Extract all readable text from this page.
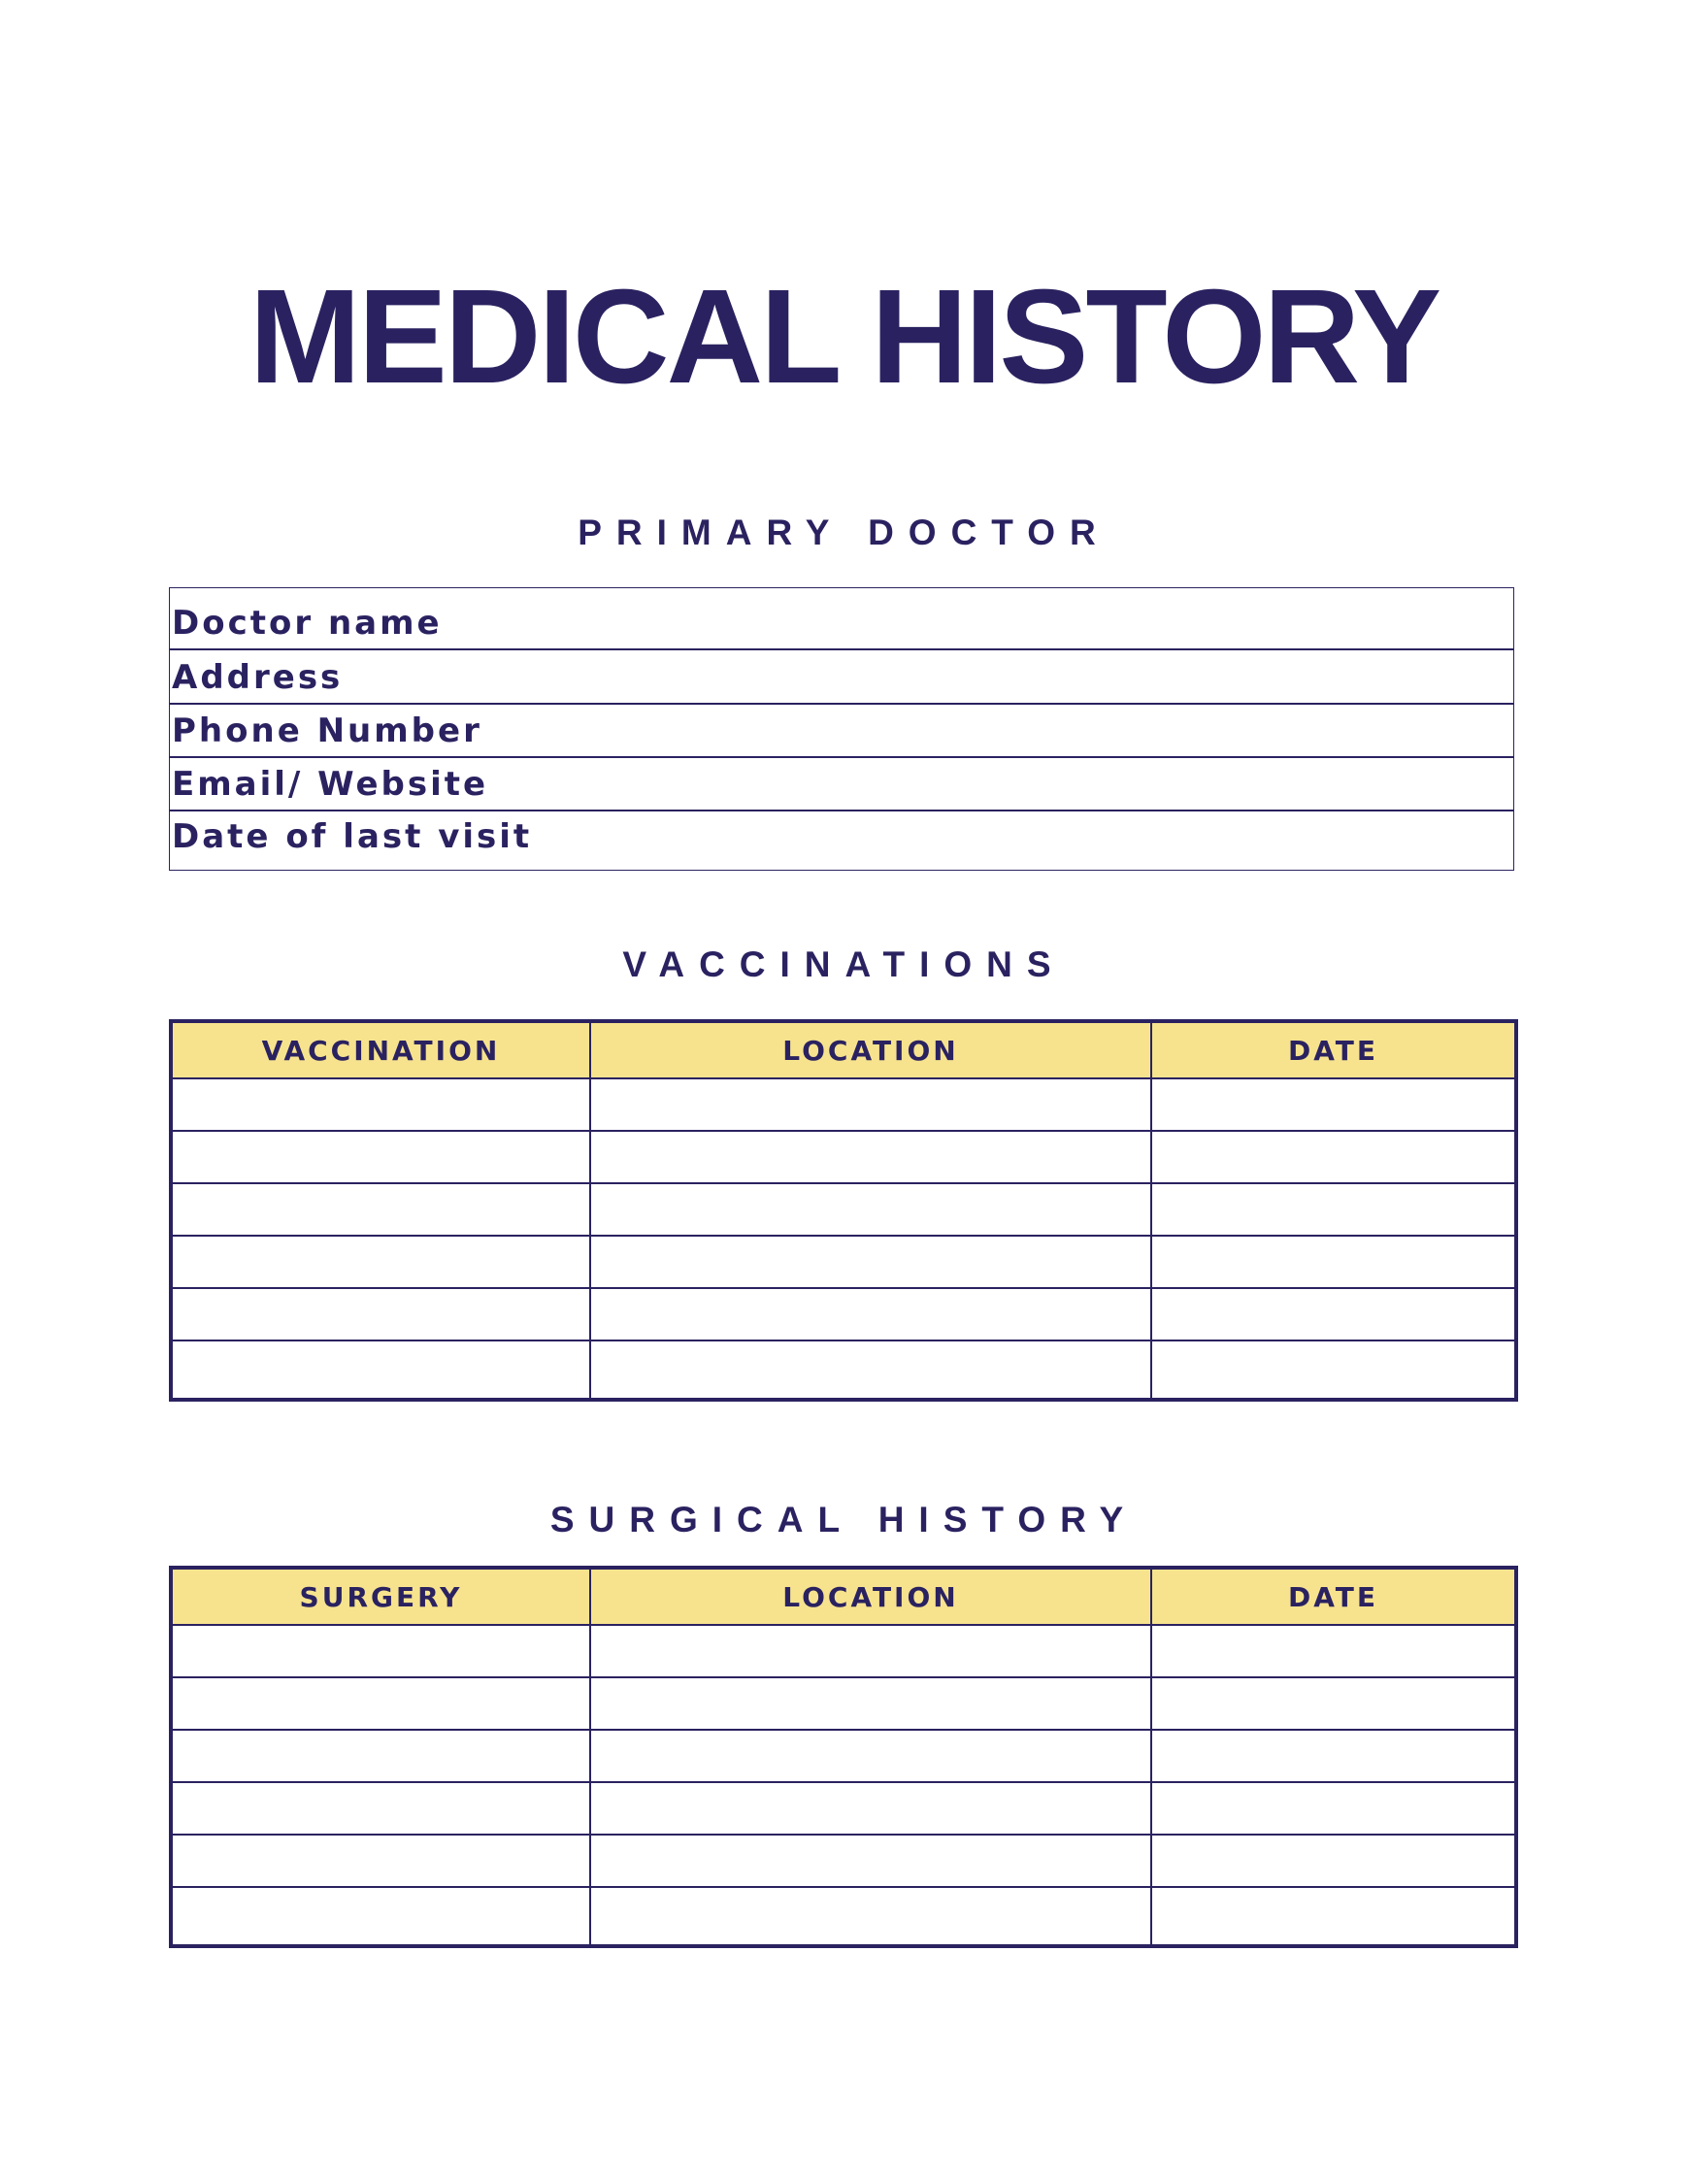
MEDICAL HISTORY
PRIMARY DOCTOR
Doctor name
Address
Phone Number
Email/ Website
Date of last visit
VACCINATIONS
VACCINATION	LOCATION	DATE

SURGICAL HISTORY
SURGERY	LOCATION	DATE
